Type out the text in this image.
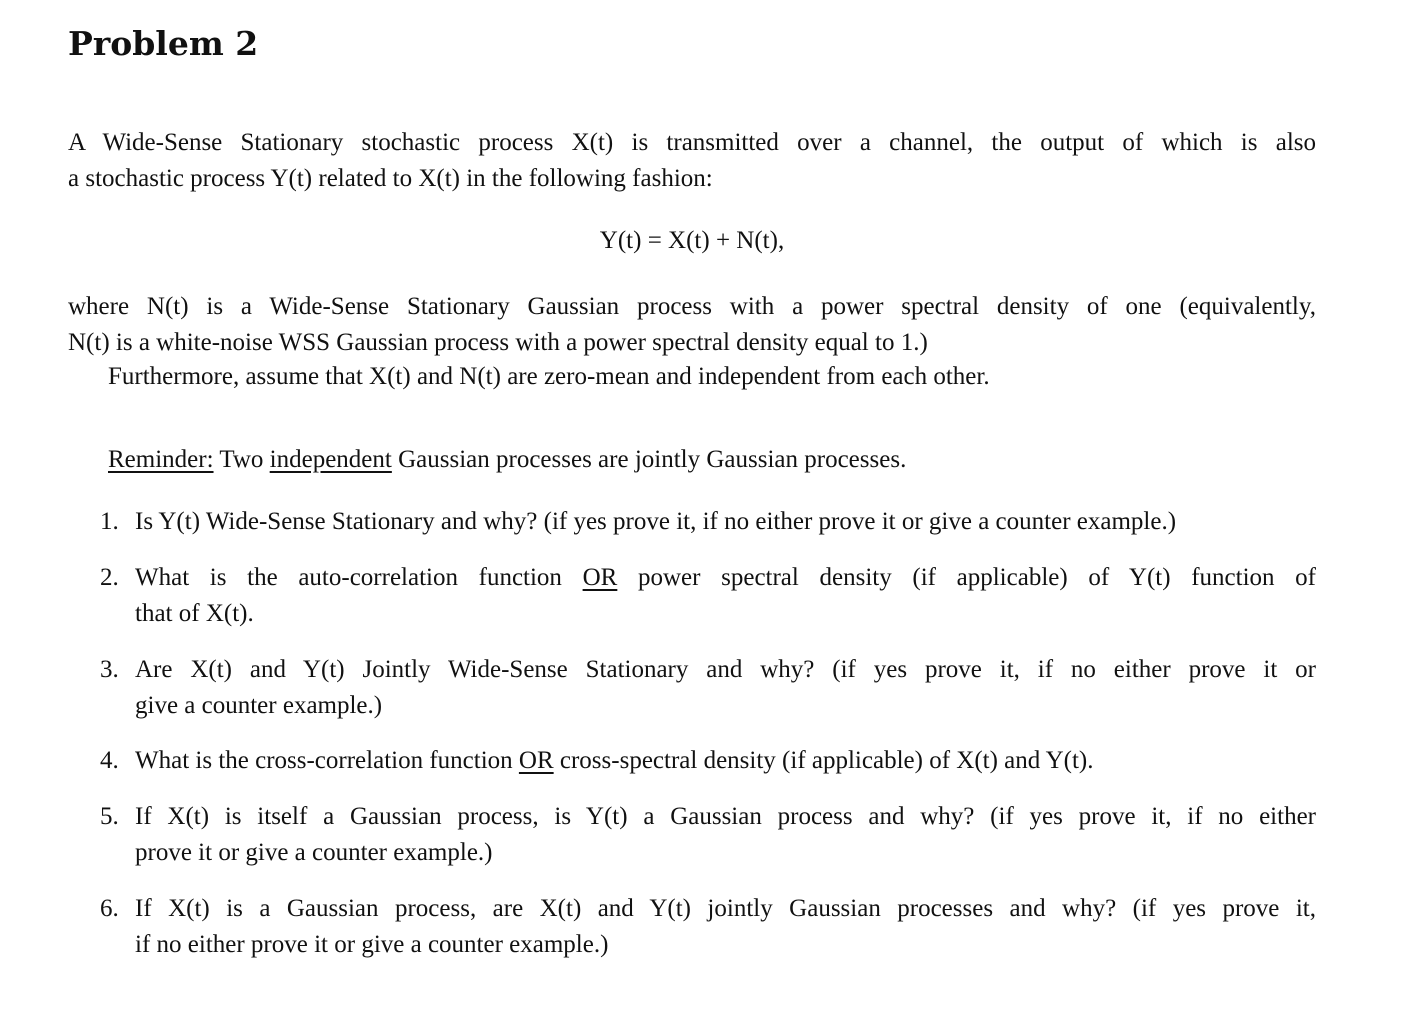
Problem 2
A Wide-Sense Stationary stochastic process X(t) is transmitted over a channel, the output of which is also
a stochastic process Y(t) related to X(t) in the following fashion:
Y(t) = X(t) + N(t),
where N(t) is a Wide-Sense Stationary Gaussian process with a power spectral density of one (equivalently,
N(t) is a white-noise WSS Gaussian process with a power spectral density equal to 1.)
Furthermore, assume that X(t) and N(t) are zero-mean and independent from each other.
Reminder: Two independent Gaussian processes are jointly Gaussian processes.
1. Is Y(t) Wide-Sense Stationary and why? (if yes prove it, if no either prove it or give a counter example.)
2. What is the auto-correlation function OR power spectral density (if applicable) of Y(t) function of
that of X(t).
3. Are X(t) and Y(t) Jointly Wide-Sense Stationary and why? (if yes prove it, if no either prove it or
give a counter example.)
4. What is the cross-correlation function OR cross-spectral density (if applicable) of X(t) and Y(t).
5. If X(t) is itself a Gaussian process, is Y(t) a Gaussian process and why? (if yes prove it, if no either
prove it or give a counter example.)
6. If X(t) is a Gaussian process, are X(t) and Y(t) jointly Gaussian processes and why? (if yes prove it,
if no either prove it or give a counter example.)
